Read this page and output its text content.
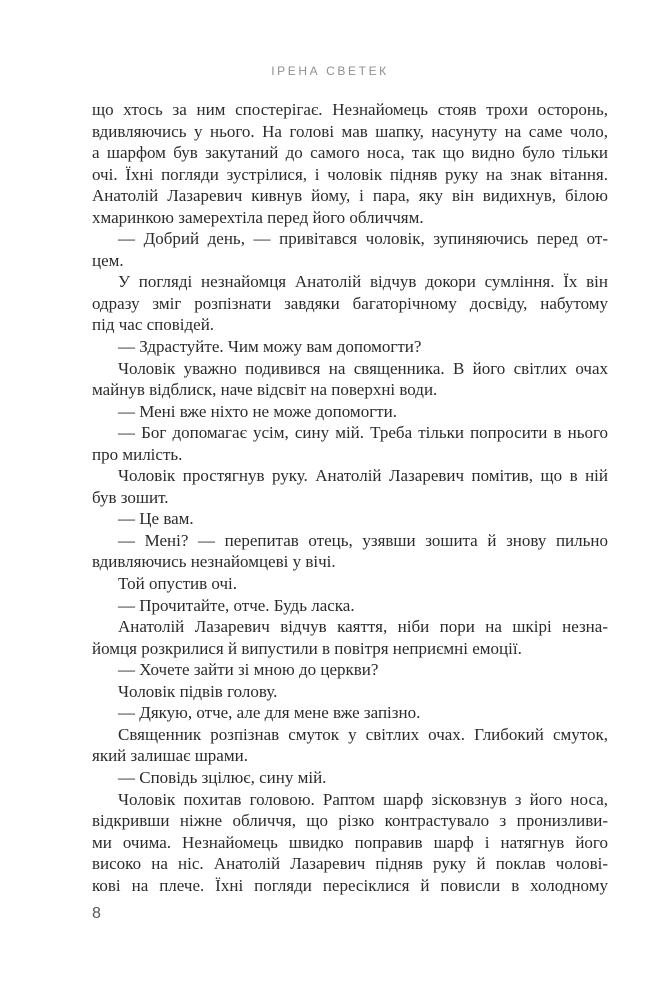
ІРЕНА СВЕТЕК
що хтось за ним спостерігає. Незнайомець стояв трохи осторонь,
вдивляючись у нього. На голові мав шапку, насунуту на саме чоло,
а шарфом був закутаний до самого носа, так що видно було тільки
очі. Їхні погляди зустрілися, і чоловік підняв руку на знак вітання.
Анатолій Лазаревич кивнув йому, і пара, яку він видихнув, білою
хмаринкою замерехтіла перед його обличчям.
— Добрий день, — привітався чоловік, зупиняючись перед от-
цем.
У погляді незнайомця Анатолій відчув докори сумління. Їх він
одразу зміг розпізнати завдяки багаторічному досвіду, набутому
під час сповідей.
— Здрастуйте. Чим можу вам допомогти?
Чоловік уважно подивився на священника. В його світлих очах
майнув відблиск, наче відсвіт на поверхні води.
— Мені вже ніхто не може допомогти.
— Бог допомагає усім, сину мій. Треба тільки попросити в нього
про милість.
Чоловік простягнув руку. Анатолій Лазаревич помітив, що в ній
був зошит.
— Це вам.
— Мені? — перепитав отець, узявши зошита й знову пильно
вдивляючись незнайомцеві у вічі.
Той опустив очі.
— Прочитайте, отче. Будь ласка.
Анатолій Лазаревич відчув каяття, ніби пори на шкірі незна-
йомця розкрилися й випустили в повітря неприємні емоції.
— Хочете зайти зі мною до церкви?
Чоловік підвів голову.
— Дякую, отче, але для мене вже запізно.
Священник розпізнав смуток у світлих очах. Глибокий смуток,
який залишає шрами.
— Сповідь зцілює, сину мій.
Чоловік похитав головою. Раптом шарф зісковзнув з його носа,
відкривши ніжне обличчя, що різко контрастувало з пронизливи-
ми очима. Незнайомець швидко поправив шарф і натягнув його
високо на ніс. Анатолій Лазаревич підняв руку й поклав чолові-
кові на плече. Їхні погляди пересіклися й повисли в холодному
8
